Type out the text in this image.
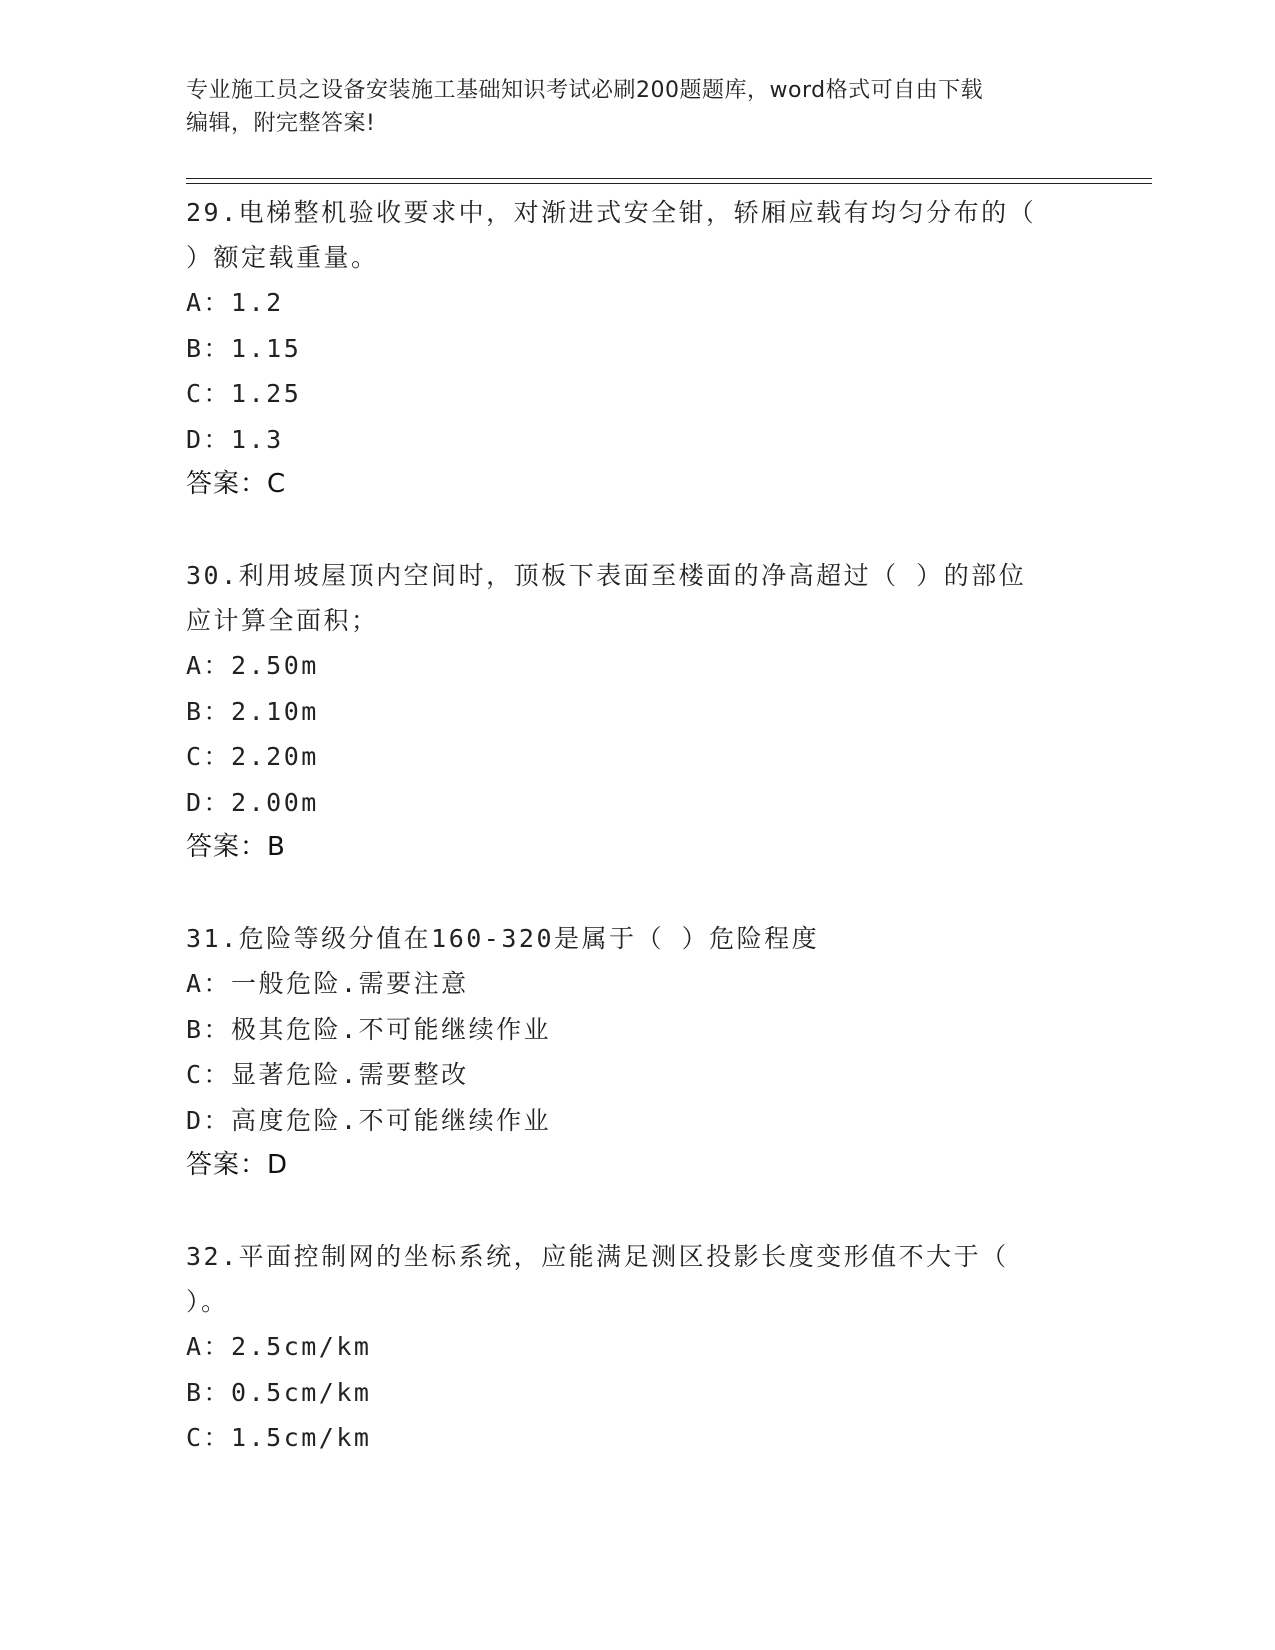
专业施工员之设备安装施工基础知识考试必刷200题题库，word格式可自由下载
编辑，附完整答案!
29.电梯整机验收要求中，对渐进式安全钳，轿厢应载有均匀分布的（
）额定载重量。
A：1.2
B：1.15
C：1.25
D：1.3
答案：C
30.利用坡屋顶内空间时，顶板下表面至楼面的净高超过（ ）的部位
应计算全面积；
A：2.50m
B：2.10m
C：2.20m
D：2.00m
答案：B
31.危险等级分值在160-320是属于（ ）危险程度
A：一般危险.需要注意
B：极其危险.不可能继续作业
C：显著危险.需要整改
D：高度危险.不可能继续作业
答案：D
32.平面控制网的坐标系统，应能满足测区投影长度变形值不大于（
）。
A：2.5cm/km
B：0.5cm/km
C：1.5cm/km
